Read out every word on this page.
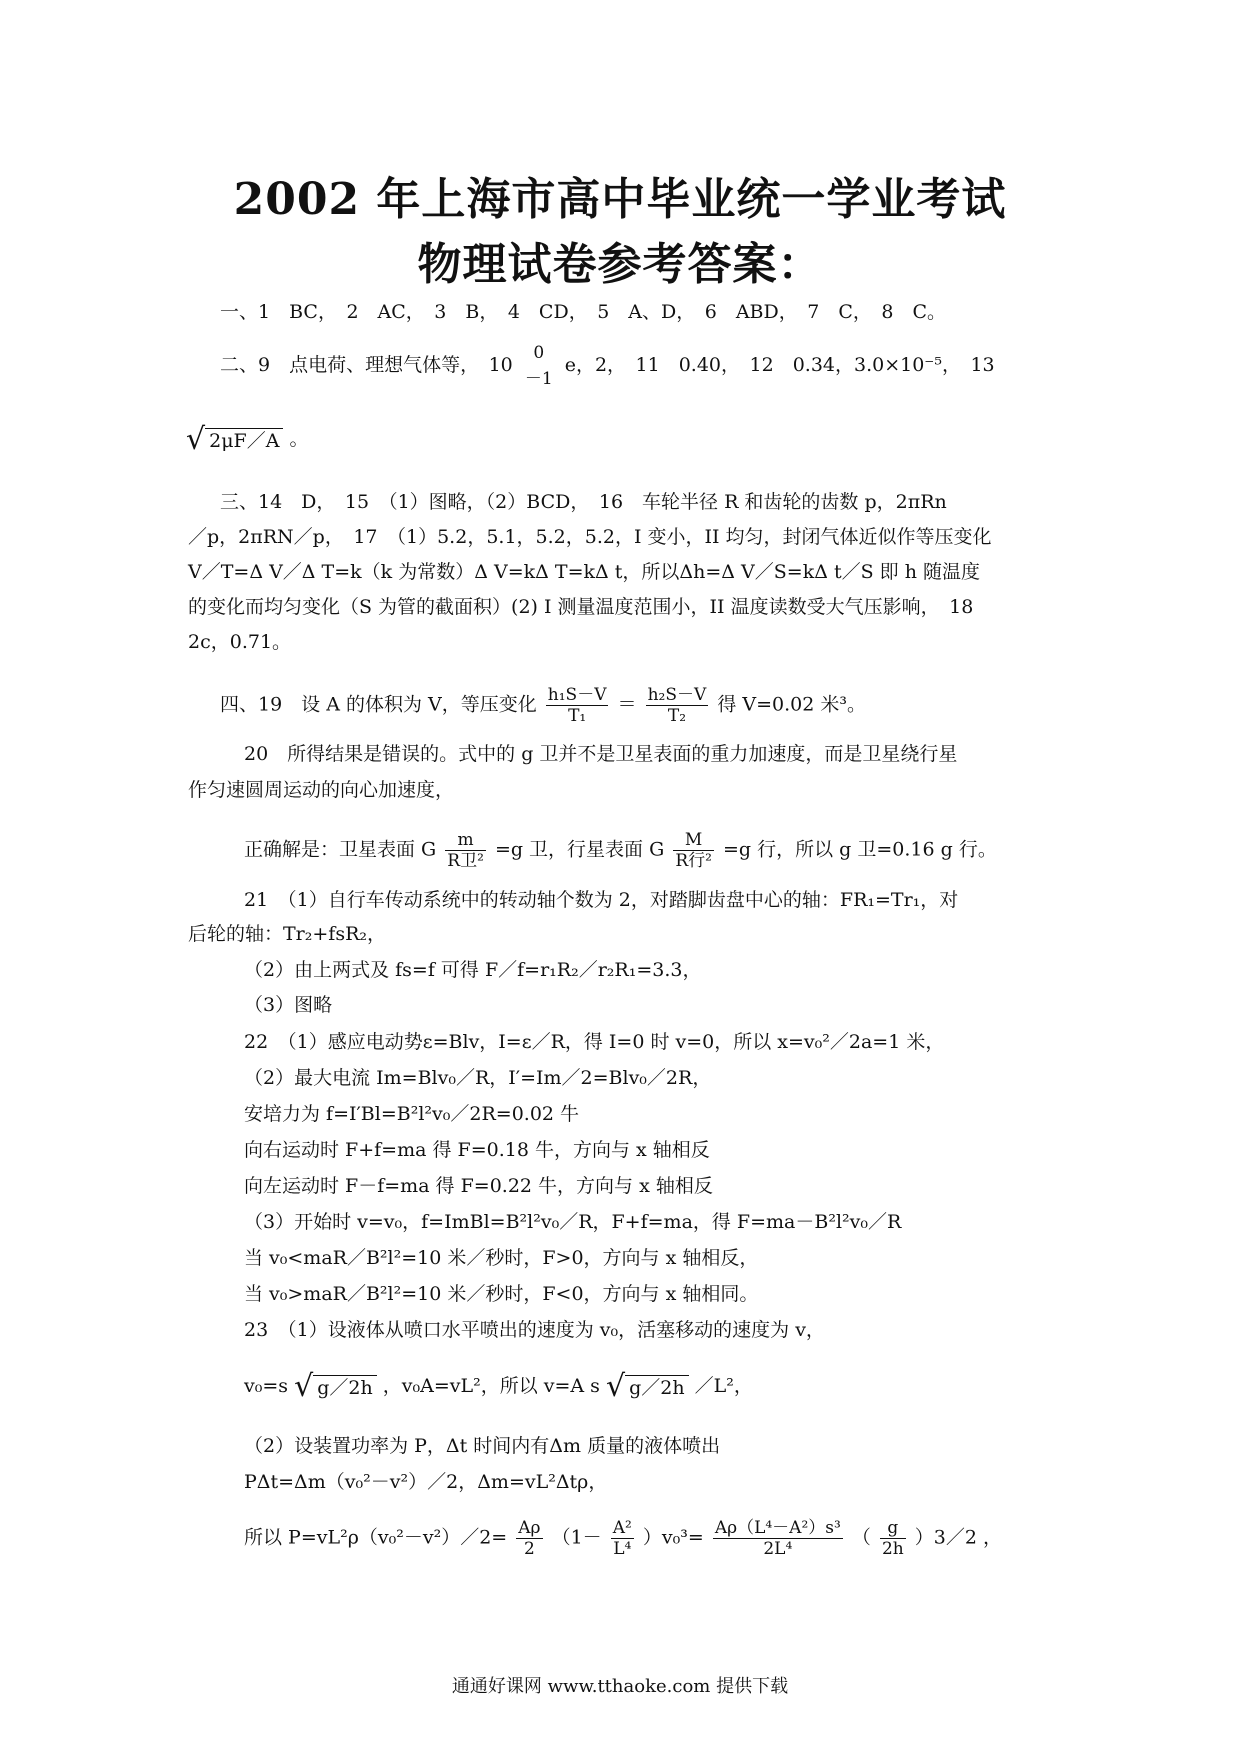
2002 年上海市高中毕业统一学业考试
物理试卷参考答案：
一、1　BC，　2　AC，　3　B，　4　CD，　5　A、D，　6　ABD，　7　C，　8　C。
二、9　点电荷、理想气体等，　10
0
－1
e，2，　11　0.40，　12　0.34，3.0×10⁻⁵，　13
√ 2μF／A 。
三、14　D，　15　（1）图略，（2）BCD，　16　车轮半径 R 和齿轮的齿数 p，2πRn
／p，2πRN／p，　17　（1）5.2，5.1，5.2，5.2，I 变小，II 均匀，封闭气体近似作等压变化
V／T=Δ V／Δ T=k（k 为常数）Δ V=kΔ T=kΔ t，所以Δh=Δ V／S=kΔ t／S 即 h 随温度
的变化而均匀变化（S 为管的截面积）(2) I 测量温度范围小，II 温度读数受大气压影响，　18
2c，0.71。
四、19　设 A 的体积为 V，等压变化 $\frac{\text{h₁S－V}}{\text{T₁}} = \frac{\text{h₂S－V}}{\text{T₂}}$ 得 V=0.02 米³。
20　所得结果是错误的。式中的 g 卫并不是卫星表面的重力加速度，而是卫星绕行星
作匀速圆周运动的向心加速度，
正确解是：卫星表面 G $\frac{m}{\text{R卫²}} =g$ 卫，行星表面 G $\frac{M}{\text{R行²}} =g$ 行，所以 g 卫=0.16 g 行。
21　（1）自行车传动系统中的转动轴个数为 2，对踏脚齿盘中心的轴：FR₁=Tr₁，对
后轮的轴：Tr₂+fsR₂，
（2）由上两式及 fs=f 可得 F／f=r₁R₂／r₂R₁=3.3，
（3）图略
22　（1）感应电动势ε=Blv，I=ε／R，得 I=0 时 v=0，所以 x=v₀²／2a=1 米，
（2）最大电流 Im=Blv₀／R，I′=Im／2=Blv₀／2R，
安培力为 f=I′Bl=B²l²v₀／2R=0.02 牛
向右运动时 F+f=ma 得 F=0.18 牛，方向与 x 轴相反
向左运动时 F－f=ma 得 F=0.22 牛，方向与 x 轴相反
（3）开始时 v=v₀，f=ImBl=B²l²v₀／R，F+f=ma，得 F=ma－B²l²v₀／R
当 v₀<maR／B²l²=10 米／秒时，F>0，方向与 x 轴相反，
当 v₀>maR／B²l²=10 米／秒时，F<0，方向与 x 轴相同。
23　（1）设液体从喷口水平喷出的速度为 v₀，活塞移动的速度为 v，
v₀=s √ g／2h ，v₀A=vL²，所以 v=A s √ g／2h ／L²，
（2）设装置功率为 P，Δt 时间内有Δm 质量的液体喷出
PΔt=Δm（v₀²－v²）／2，Δm=vL²Δtρ，
所以 P=vL²ρ（v₀²－v²）／2= $\frac{A\rho}{2} (1- \frac{\text{A²}}{\text{L⁴}} )v_0^3= \frac{\text{Aρ（L⁴－A²）s³}}{\text{2L⁴}}$ （ $\frac{g}{2h}$ ）3／2 ，
通通好课网 www.tthaoke.com 提供下载
